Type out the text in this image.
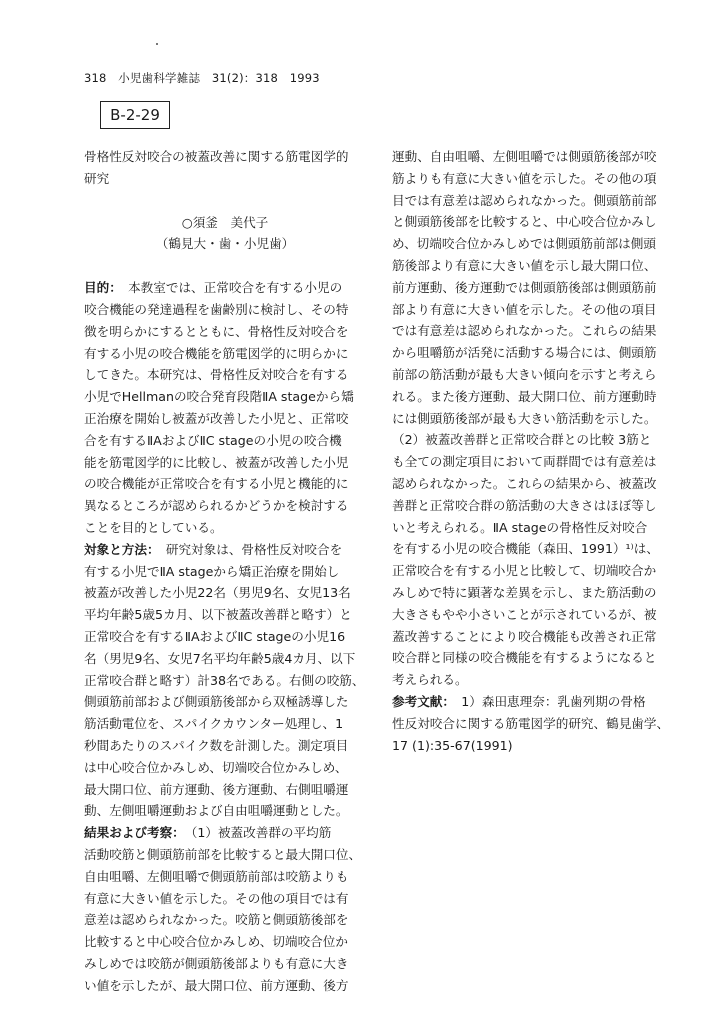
318　小児歯科学雑誌　31(2)：318　1993
B-2-29
骨格性反対咬合の被蓋改善に関する筋電図学的
研究
○須釜　美代子
（鶴見大・歯・小児歯）
目的：　本教室では、正常咬合を有する小児の
咬合機能の発達過程を歯齢別に検討し、その特
徴を明らかにするとともに、骨格性反対咬合を
有する小児の咬合機能を筋電図学的に明らかに
してきた。本研究は、骨格性反対咬合を有する
小児でHellmanの咬合発育段階ⅡA stageから矯
正治療を開始し被蓋が改善した小児と、正常咬
合を有するⅡAおよびⅡC stageの小児の咬合機
能を筋電図学的に比較し、被蓋が改善した小児
の咬合機能が正常咬合を有する小児と機能的に
異なるところが認められるかどうかを検討する
ことを目的としている。
対象と方法：　研究対象は、骨格性反対咬合を
有する小児でⅡA stageから矯正治療を開始し
被蓋が改善した小児22名（男児9名、女児13名
平均年齢5歳5カ月、以下被蓋改善群と略す）と
正常咬合を有するⅡAおよびⅡC stageの小児16
名（男児9名、女児7名平均年齢5歳4カ月、以下
正常咬合群と略す）計38名である。右側の咬筋、
側頭筋前部および側頭筋後部から双極誘導した
筋活動電位を、スパイクカウンター処理し、1
秒間あたりのスパイク数を計測した。測定項目
は中心咬合位かみしめ、切端咬合位かみしめ、
最大開口位、前方運動、後方運動、右側咀嚼運
動、左側咀嚼運動および自由咀嚼運動とした。
結果および考察：　（1）被蓋改善群の平均筋
活動咬筋と側頭筋前部を比較すると最大開口位、
自由咀嚼、左側咀嚼で側頭筋前部は咬筋よりも
有意に大きい値を示した。その他の項目では有
意差は認められなかった。咬筋と側頭筋後部を
比較すると中心咬合位かみしめ、切端咬合位か
みしめでは咬筋が側頭筋後部よりも有意に大き
い値を示したが、最大開口位、前方運動、後方
運動、自由咀嚼、左側咀嚼では側頭筋後部が咬
筋よりも有意に大きい値を示した。その他の項
目では有意差は認められなかった。側頭筋前部
と側頭筋後部を比較すると、中心咬合位かみし
め、切端咬合位かみしめでは側頭筋前部は側頭
筋後部より有意に大きい値を示し最大開口位、
前方運動、後方運動では側頭筋後部は側頭筋前
部より有意に大きい値を示した。その他の項目
では有意差は認められなかった。これらの結果
から咀嚼筋が活発に活動する場合には、側頭筋
前部の筋活動が最も大きい傾向を示すと考えら
れる。また後方運動、最大開口位、前方運動時
には側頭筋後部が最も大きい筋活動を示した。
（2）被蓋改善群と正常咬合群との比較 3筋と
も全ての測定項目において両群間では有意差は
認められなかった。これらの結果から、被蓋改
善群と正常咬合群の筋活動の大きさはほぼ等し
いと考えられる。ⅡA stageの骨格性反対咬合
を有する小児の咬合機能（森田、1991）¹⁾は、
正常咬合を有する小児と比較して、切端咬合か
みしめで特に顕著な差異を示し、また筋活動の
大きさもやや小さいことが示されているが、被
蓋改善することにより咬合機能も改善され正常
咬合群と同様の咬合機能を有するようになると
考えられる。
参考文献：　1）森田恵理奈：乳歯列期の骨格
性反対咬合に関する筋電図学的研究、鶴見歯学、
17 (1):35-67(1991)
